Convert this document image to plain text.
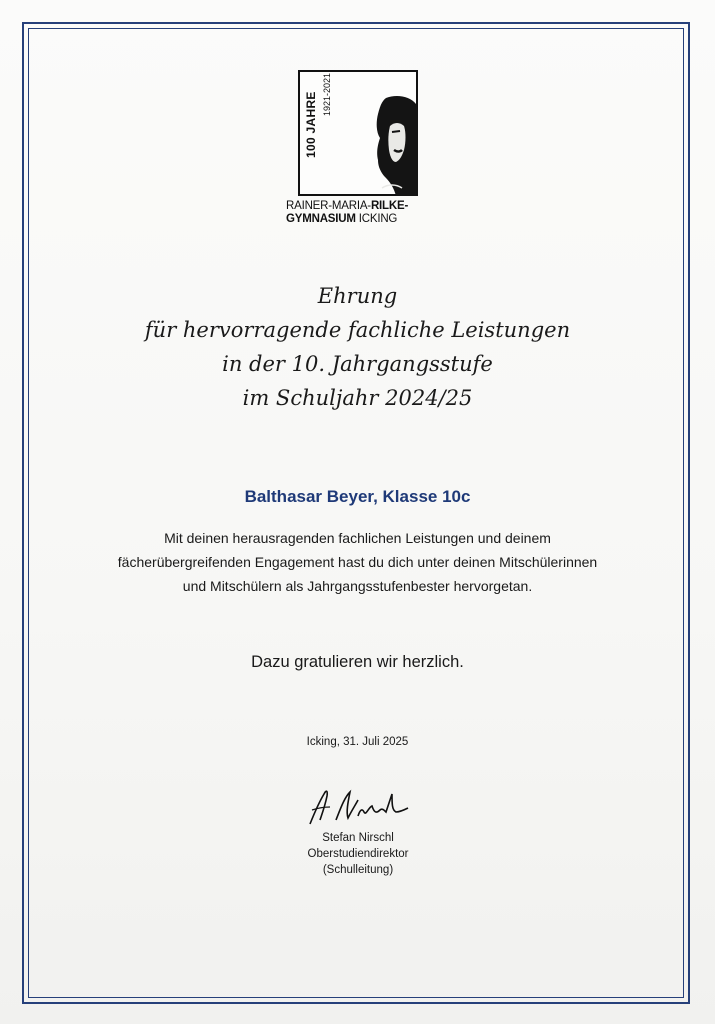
100 JAHRE 1921-2021
RAINER-MARIA-RILKE-
GYMNASIUM ICKING
Ehrung
für hervorragende fachliche Leistungen
in der 10. Jahrgangsstufe
im Schuljahr 2024/25
Balthasar Beyer, Klasse 10c
Mit deinen herausragenden fachlichen Leistungen und deinem
fächerübergreifenden Engagement hast du dich unter deinen Mitschülerinnen
und Mitschülern als Jahrgangsstufenbester hervorgetan.
Dazu gratulieren wir herzlich.
Icking, 31. Juli 2025
Stefan Nirschl
Oberstudiendirektor
(Schulleitung)
